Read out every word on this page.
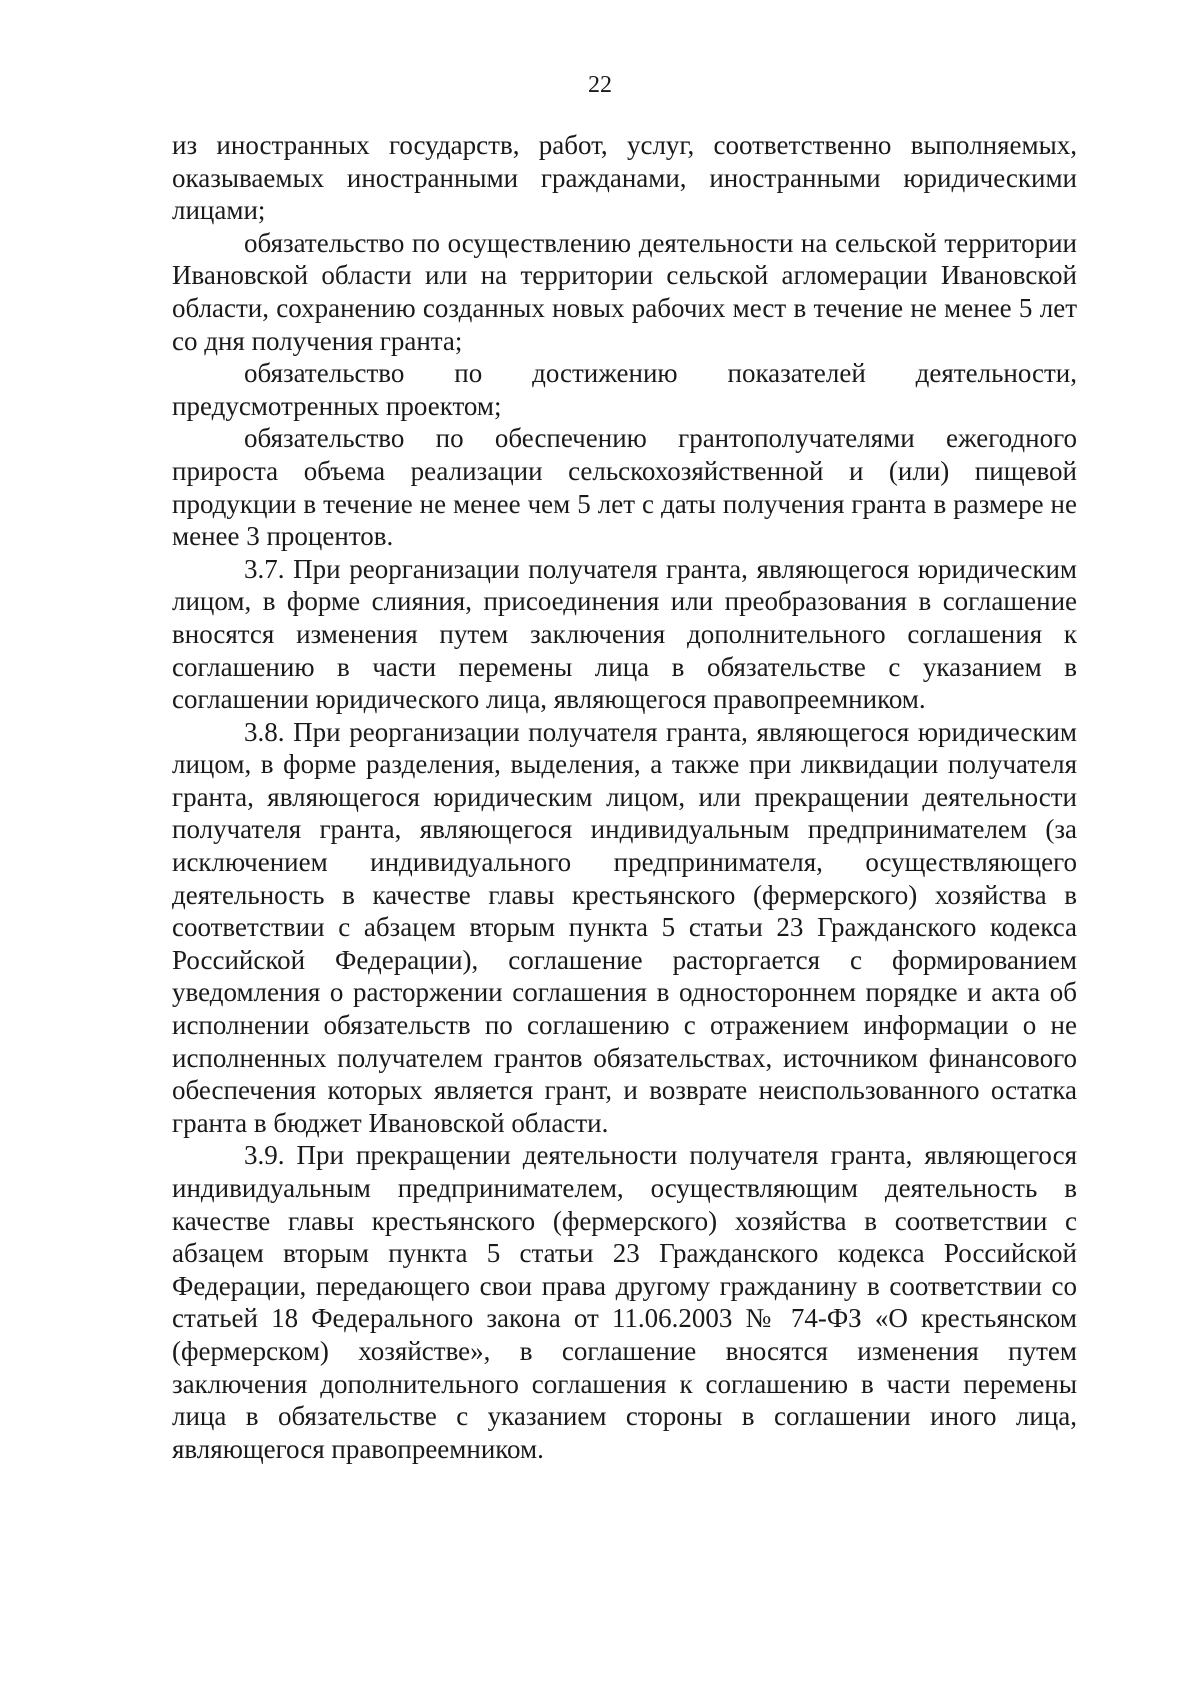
22

из иностранных государств, работ, услуг, соответственно выполняемых, оказываемых иностранными гражданами, иностранными юридическими лицами;

обязательство по осуществлению деятельности на сельской территории Ивановской области или на территории сельской агломерации Ивановской области, сохранению созданных новых рабочих мест в течение не менее 5 лет со дня получения гранта;

обязательство по достижению показателей деятельности, предусмотренных проектом;

обязательство по обеспечению грантополучателями ежегодного прироста объема реализации сельскохозяйственной и (или) пищевой продукции в течение не менее чем 5 лет с даты получения гранта в размере не менее 3 процентов.

3.7. При реорганизации получателя гранта, являющегося юридическим лицом, в форме слияния, присоединения или преобразования в соглашение вносятся изменения путем заключения дополнительного соглашения к соглашению в части перемены лица в обязательстве с указанием в соглашении юридического лица, являющегося правопреемником.

3.8. При реорганизации получателя гранта, являющегося юридическим лицом, в форме разделения, выделения, а также при ликвидации получателя гранта, являющегося юридическим лицом, или прекращении деятельности получателя гранта, являющегося индивидуальным предпринимателем (за исключением индивидуального предпринимателя, осуществляющего деятельность в качестве главы крестьянского (фермерского) хозяйства в соответствии с абзацем вторым пункта 5 статьи 23 Гражданского кодекса Российской Федерации), соглашение расторгается с формированием уведомления о расторжении соглашения в одностороннем порядке и акта об исполнении обязательств по соглашению с отражением информации о не исполненных получателем грантов обязательствах, источником финансового обеспечения которых является грант, и возврате неиспользованного остатка гранта в бюджет Ивановской области.

3.9. При прекращении деятельности получателя гранта, являющегося индивидуальным предпринимателем, осуществляющим деятельность в качестве главы крестьянского (фермерского) хозяйства в соответствии с абзацем вторым пункта 5 статьи 23 Гражданского кодекса Российской Федерации, передающего свои права другому гражданину в соответствии со статьей 18 Федерального закона от 11.06.2003 № 74-ФЗ «О крестьянском (фермерском) хозяйстве», в соглашение вносятся изменения путем заключения дополнительного соглашения к соглашению в части перемены лица в обязательстве с указанием стороны в соглашении иного лица, являющегося правопреемником.
